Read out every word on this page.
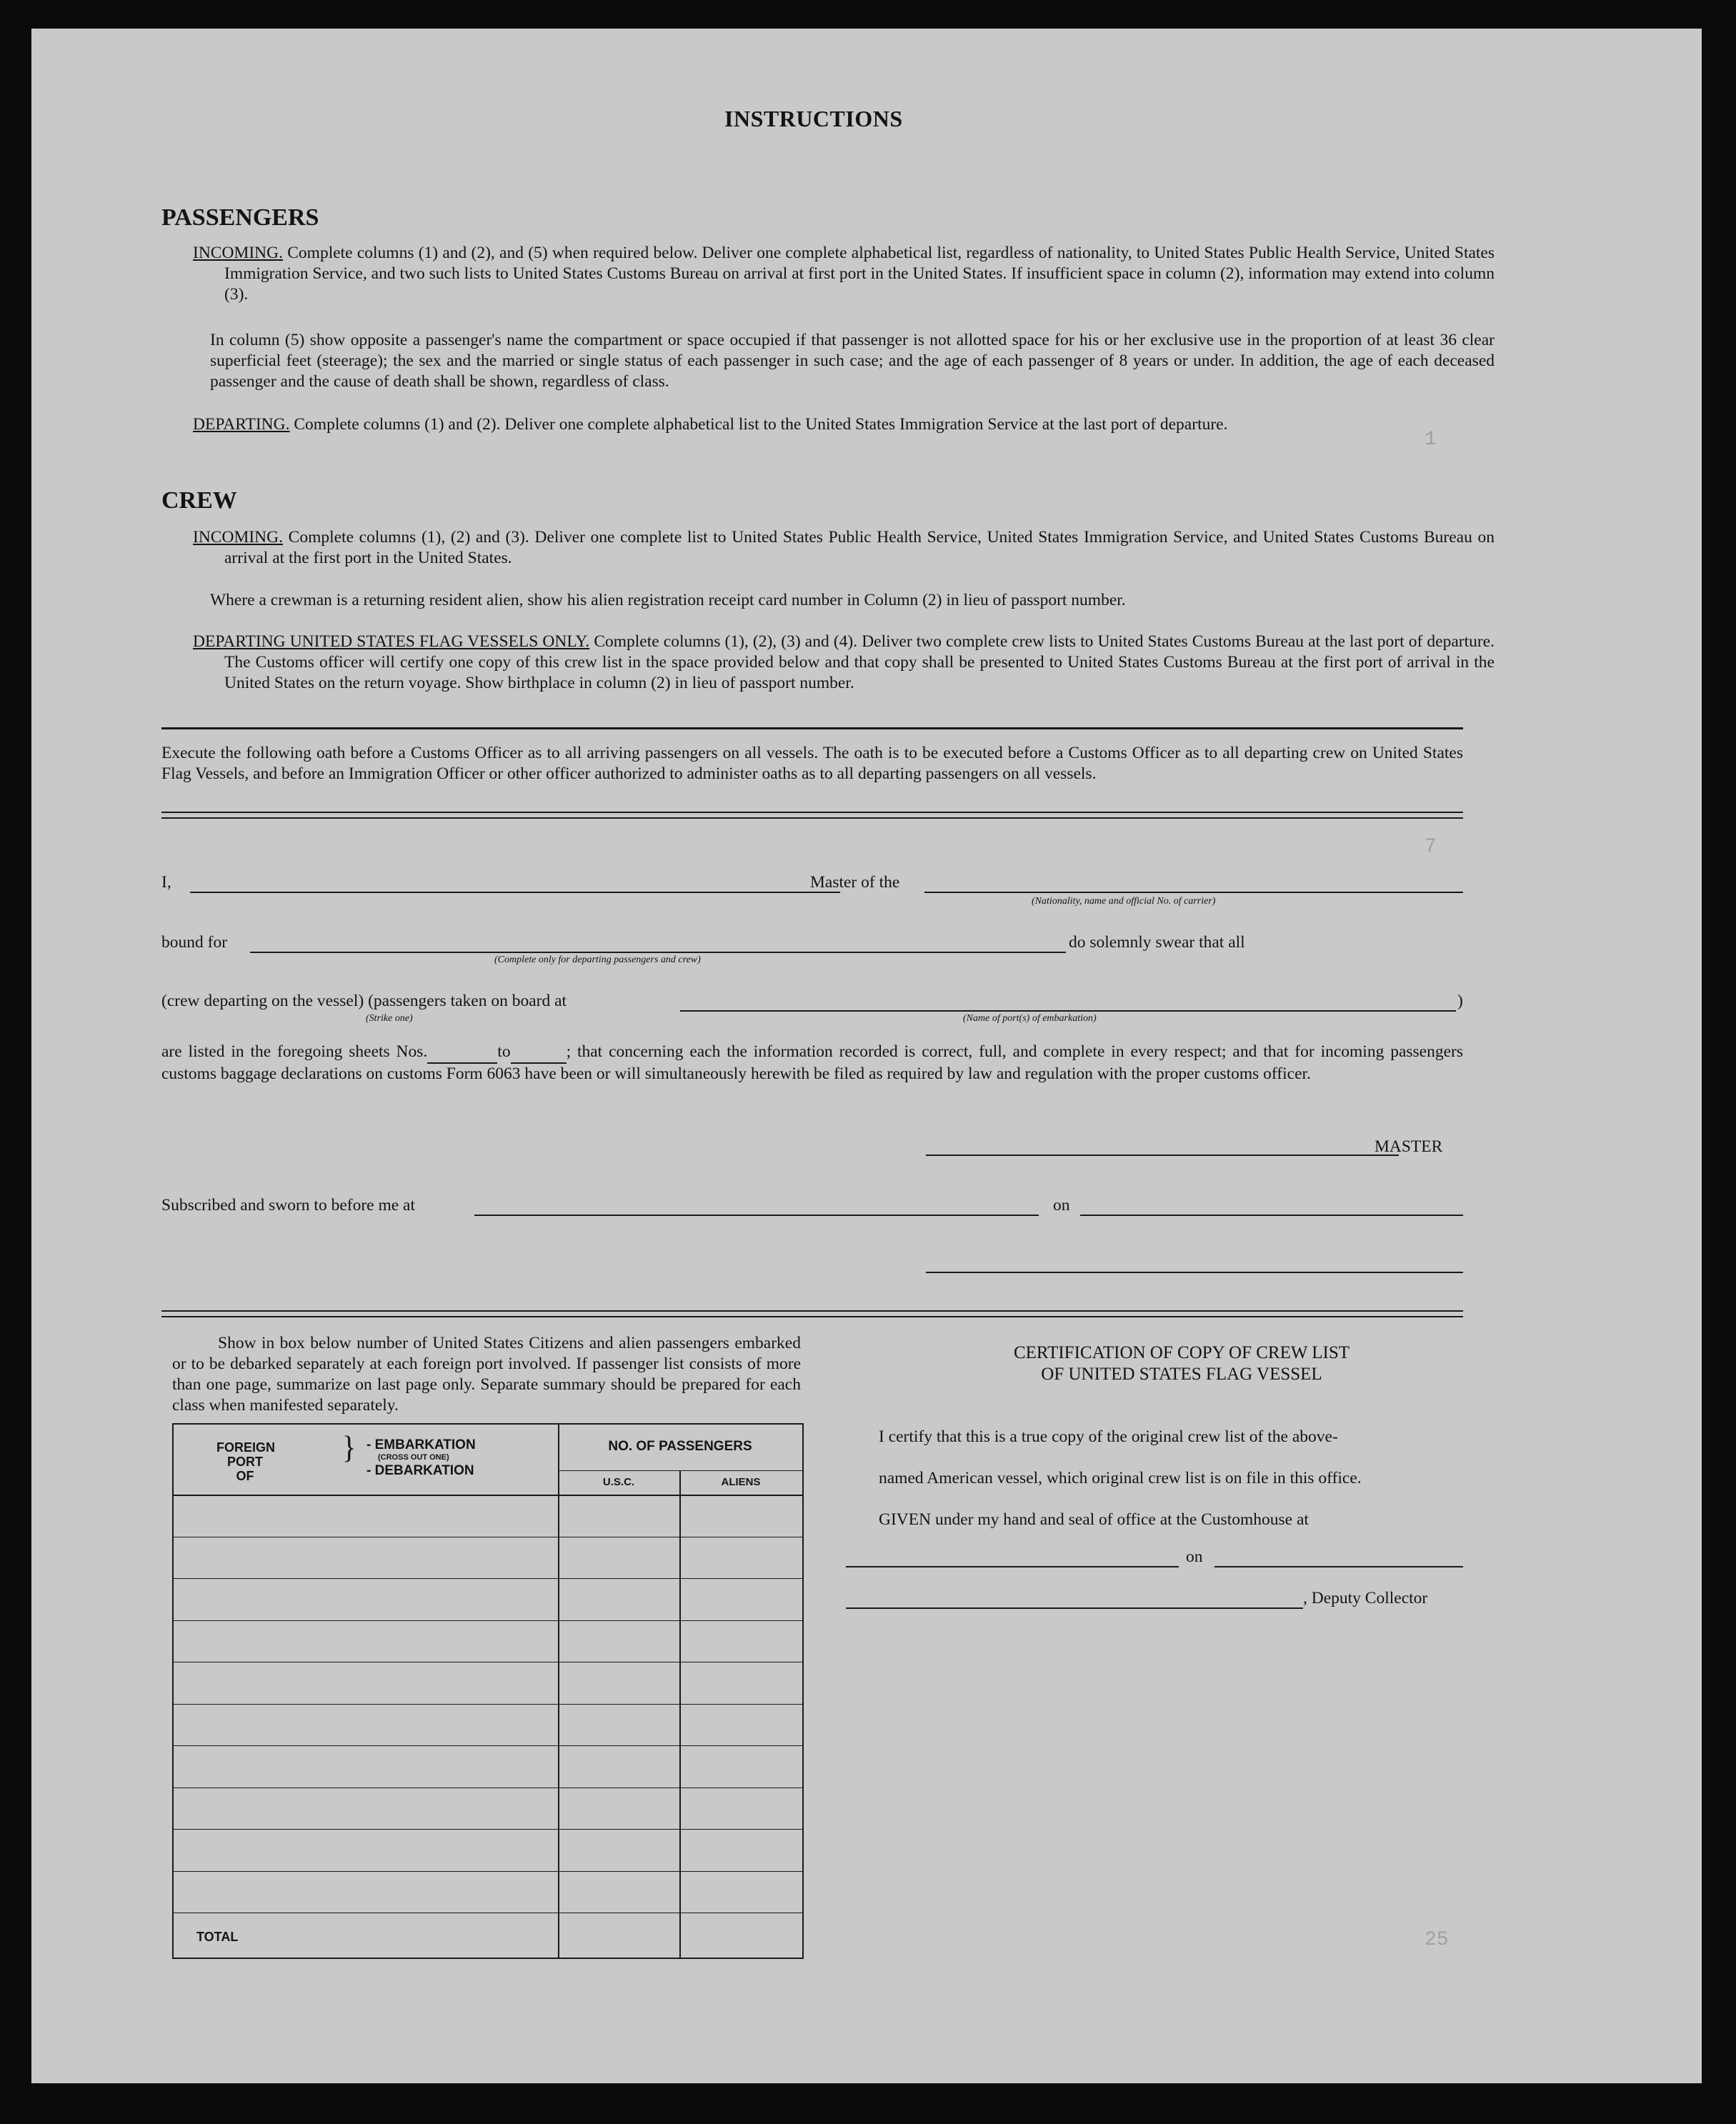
INSTRUCTIONS
PASSENGERS
INCOMING. Complete columns (1) and (2), and (5) when required below. Deliver one complete alphabetical list, regardless of nationality, to United States Public Health Service, United States Immigration Service, and two such lists to United States Customs Bureau on arrival at first port in the United States. If insufficient space in column (2), information may extend into column (3).
In column (5) show opposite a passenger's name the compartment or space occupied if that passenger is not allotted space for his or her exclusive use in the proportion of at least 36 clear superficial feet (steerage); the sex and the married or single status of each passenger in such case; and the age of each passenger of 8 years or under. In addition, the age of each deceased passenger and the cause of death shall be shown, regardless of class.
DEPARTING. Complete columns (1) and (2). Deliver one complete alphabetical list to the United States Immigration Service at the last port of departure.
CREW
INCOMING. Complete columns (1), (2) and (3). Deliver one complete list to United States Public Health Service, United States Immigration Service, and United States Customs Bureau on arrival at the first port in the United States.
Where a crewman is a returning resident alien, show his alien registration receipt card number in Column (2) in lieu of passport number.
DEPARTING UNITED STATES FLAG VESSELS ONLY. Complete columns (1), (2), (3) and (4). Deliver two complete crew lists to United States Customs Bureau at the last port of departure. The Customs officer will certify one copy of this crew list in the space provided below and that copy shall be presented to United States Customs Bureau at the first port of arrival in the United States on the return voyage. Show birthplace in column (2) in lieu of passport number.
Execute the following oath before a Customs Officer as to all arriving passengers on all vessels. The oath is to be executed before a Customs Officer as to all departing crew on United States Flag Vessels, and before an Immigration Officer or other officer authorized to administer oaths as to all departing passengers on all vessels.
I,	Master of the
(Nationality, name and official No. of carrier)
bound for
(Complete only for departing passengers and crew)
do solemnly swear that all
(crew departing on the vessel) (passengers taken on board at	)
(Strike one)	(Name of port(s) of embarkation)
are listed in the foregoing sheets Nos.	to	; that concerning each the information recorded is correct, full, and complete in every respect; and that for incoming passengers customs baggage declarations on customs Form 6063 have been or will simultaneously herewith be filed as required by law and regulation with the proper customs officer.
MASTER
Subscribed and sworn to before me at	on
Show in box below number of United States Citizens and alien passengers embarked or to be debarked separately at each foreign port involved. If passenger list consists of more than one page, summarize on last page only. Separate summary should be prepared for each class when manifested separately.
FOREIGN
PORT
OF
} - EMBARKATION
(CROSS OUT ONE)
- DEBARKATION
NO. OF PASSENGERS
U.S.C.	ALIENS
TOTAL
CERTIFICATION OF COPY OF CREW LIST
OF UNITED STATES FLAG VESSEL
I certify that this is a true copy of the original crew list of the above-
named American vessel, which original crew list is on file in this office.
GIVEN under my hand and seal of office at the Customhouse at
on
, Deputy Collector
1
7
25
